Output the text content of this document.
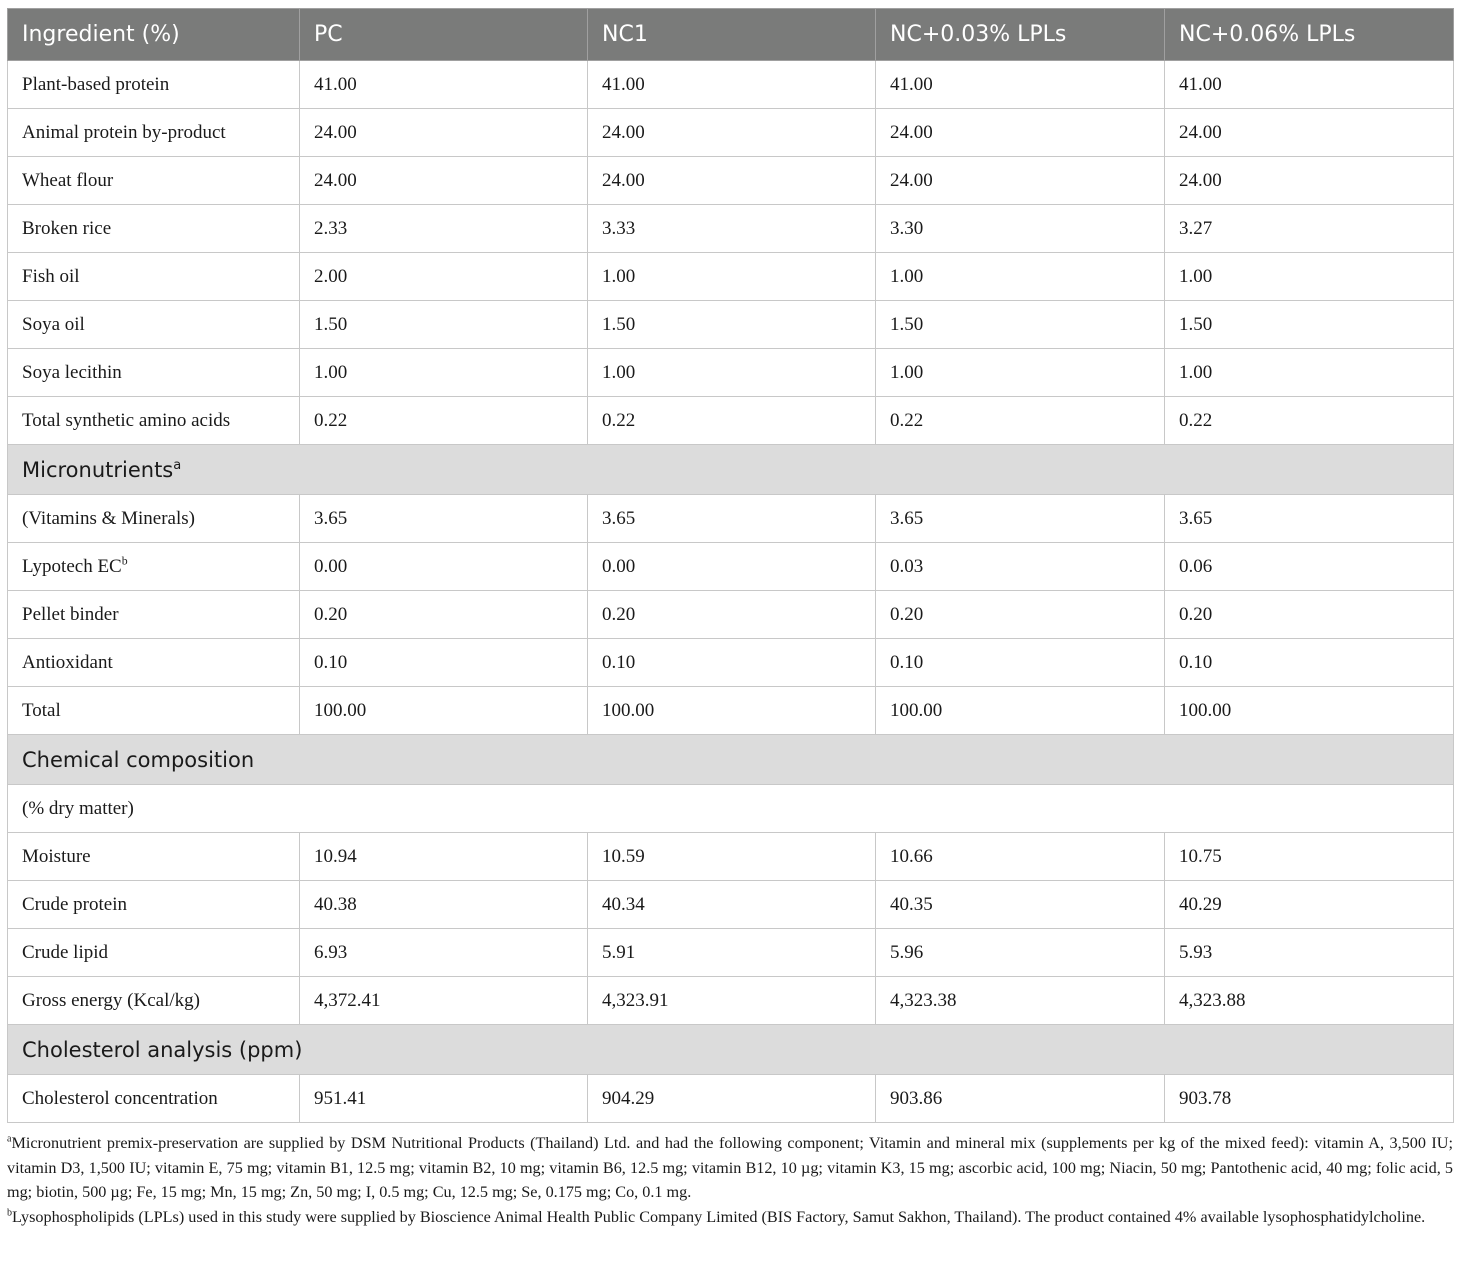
Ingredient (%)	PC	NC1	NC+0.03% LPLs	NC+0.06% LPLs
Plant-based protein	41.00	41.00	41.00	41.00
Animal protein by-product	24.00	24.00	24.00	24.00
Wheat flour	24.00	24.00	24.00	24.00
Broken rice	2.33	3.33	3.30	3.27
Fish oil	2.00	1.00	1.00	1.00
Soya oil	1.50	1.50	1.50	1.50
Soya lecithin	1.00	1.00	1.00	1.00
Total synthetic amino acids	0.22	0.22	0.22	0.22
Micronutrients$^a$
(Vitamins & Minerals)	3.65	3.65	3.65	3.65
Lypotech $EC^b$	0.00	0.00	0.03	0.06
Pellet binder	0.20	0.20	0.20	0.20
Antioxidant	0.10	0.10	0.10	0.10
Total	100.00	100.00	100.00	100.00
Chemical composition				
(% dry matter)				
Moisture	10.94	10.59	10.66	10.75
Crude protein	40.38	40.34	40.35	40.29
Crude lipid	6.93	5.91	5.96	5.93
Gross energy (Kcal/kg)	4,372.41	4,323.91	4,323.38	4,323.88
Cholesterol analysis (ppm)				
Cholesterol concentration	951.41	904.29	903.86	903.78

$^a$Micronutrient premix-preservation are supplied by DSM Nutritional Products (Thailand) Ltd. and had the following component; Vitamin and mineral mix (supplements per kg of the mixed feed): vitamin A, 3,500 IU; vitamin D3, 1,500 IU; vitamin E, 75 mg; vitamin B1, 12.5 mg; vitamin B2, 10 mg; vitamin B6, 12.5 mg; vitamin B12, 10 µg; vitamin K3, 15 mg; ascorbic acid, 100 mg; Niacin, 50 mg; Pantothenic acid, 40 mg; folic acid, 5 mg; biotin, 500 µg; Fe, 15 mg; Mn, 15 mg; Zn, 50 mg; I, 0.5 mg; Cu, 12.5 mg; Se, 0.175 mg; Co, 0.1 mg.

$^b$Lysophospholipids (LPLs) used in this study were supplied by Bioscience Animal Health Public Company Limited (BIS Factory, Samut Sakhon, Thailand). The product contained 4% available lysophosphatidylcholine.
